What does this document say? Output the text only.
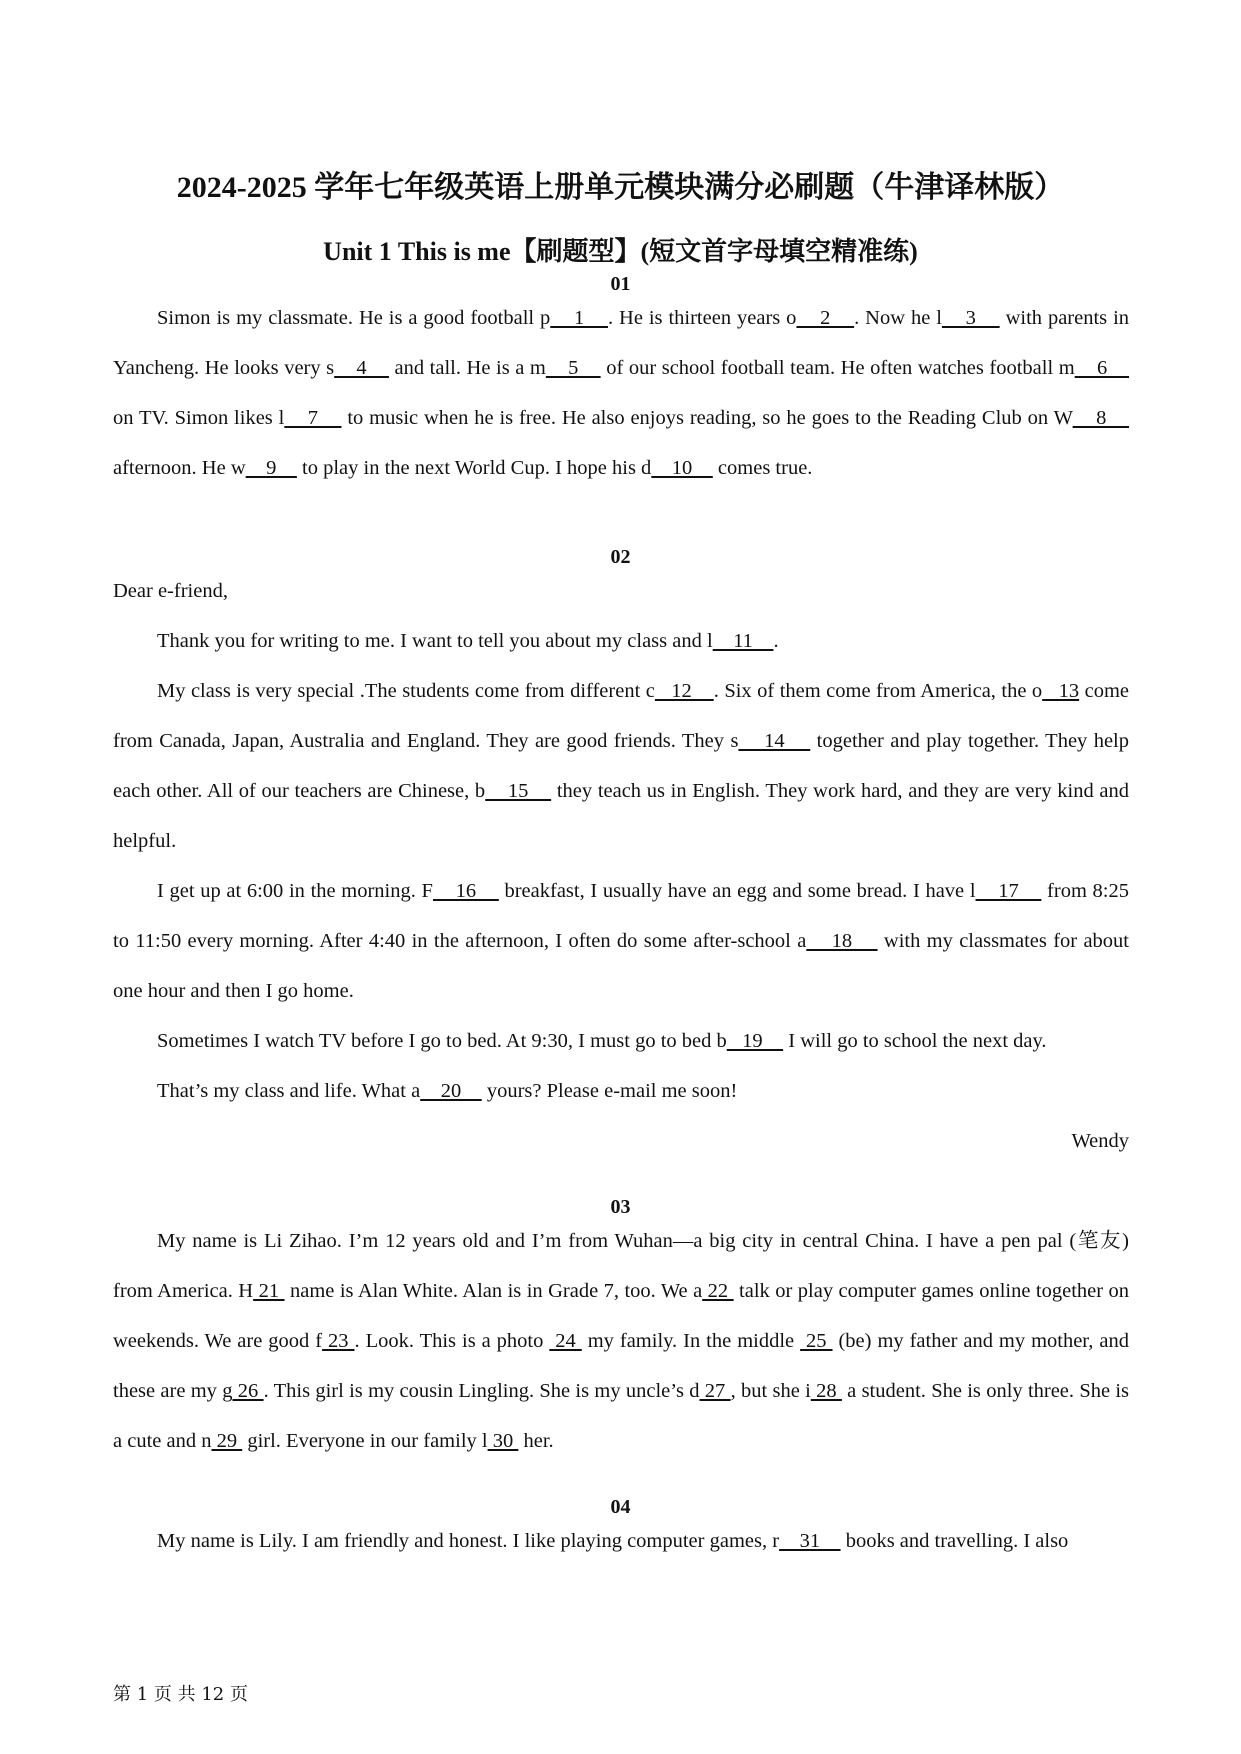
2024-2025 学年七年级英语上册单元模块满分必刷题（牛津译林版）
Unit 1 This is me【刷题型】(短文首字母填空精准练)
01

Simon is my classmate. He is a good football p    1    . He is thirteen years o    2    . Now he l    3     with parents in Yancheng. He looks very s    4     and tall. He is a m    5     of our school football team. He often watches football m    6     on TV. Simon likes l    7     to music when he is free. He also enjoys reading, so he goes to the Reading Club on W    8     afternoon. He w    9     to play in the next World Cup. I hope his d    10     comes true.

02

Dear e-friend,

Thank you for writing to me. I want to tell you about my class and l    11    .

My class is very special .The students come from different c   12    . Six of them come from America, the o   13 come from Canada, Japan, Australia and England. They are good friends. They s    14     together and play together. They help each other. All of our teachers are Chinese, b    15     they teach us in English. They work hard, and they are very kind and helpful.

I get up at 6:00 in the morning. F    16     breakfast, I usually have an egg and some bread. I have l    17     from 8:25 to 11:50 every morning. After 4:40 in the afternoon, I often do some after-school a    18     with my classmates for about one hour and then I go home.

Sometimes I watch TV before I go to bed. At 9:30, I must go to bed b   19     I will go to school the next day.

That’s my class and life. What a    20     yours? Please e-mail me soon!

Wendy

03

My name is Li Zihao. I’m 12 years old and I’m from Wuhan—a big city in central China. I have a pen pal (笔友) from America. H 21  name is Alan White. Alan is in Grade 7, too. We a 22  talk or play computer games online together on weekends. We are good f 23 . Look. This is a photo  24  my family. In the middle  25  (be) my father and my mother, and these are my g 26 . This girl is my cousin Lingling. She is my uncle’s d 27 , but she i 28  a student. She is only three. She is a cute and n 29  girl. Everyone in our family l 30  her.

04

My name is Lily. I am friendly and honest. I like playing computer games, r    31     books and travelling. I also

第 1 页 共 12 页
